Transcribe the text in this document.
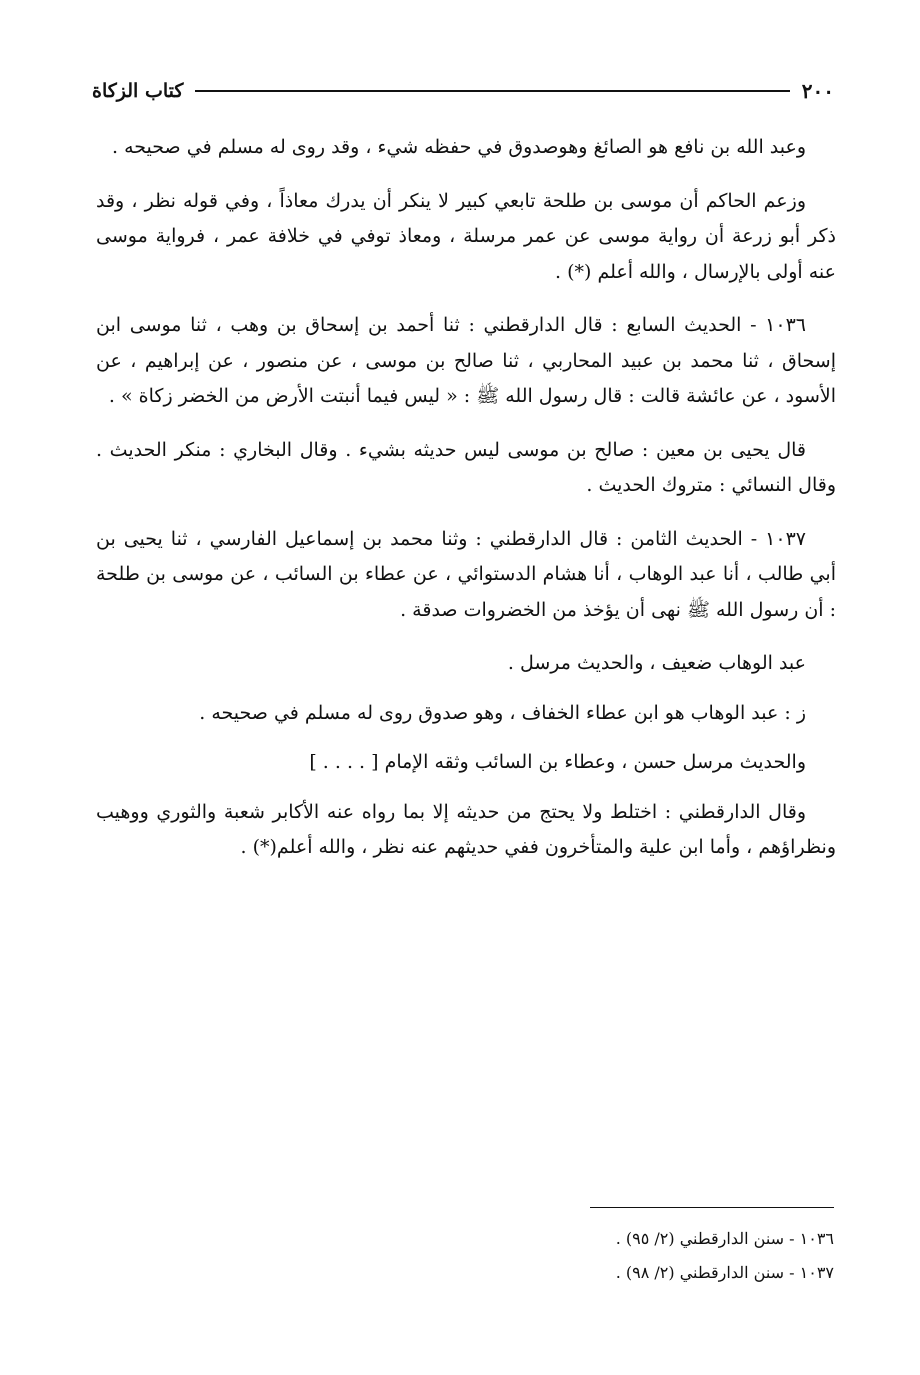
٢٠٠
كتاب الزكاة

وعبد الله بن نافع هو الصائغ وهوصدوق في حفظه شيء ، وقد روى له مسلم في صحيحه .

وزعم الحاكم أن موسى بن طلحة تابعي كبير لا ينكر أن يدرك معاذاً ، وفي قوله نظر ، وقد ذكر أبو زرعة أن رواية موسى عن عمر مرسلة ، ومعاذ توفي في خلافة عمر ، فرواية موسى عنه أولى بالإرسال ، والله أعلم (*) .

١٠٣٦ - الحديث السابع : قال الدارقطني : ثنا أحمد بن إسحاق بن وهب ، ثنا موسى ابن إسحاق ، ثنا محمد بن عبيد المحاربي ، ثنا صالح بن موسى ، عن منصور ، عن إبراهيم ، عن الأسود ، عن عائشة قالت : قال رسول الله ﷺ : « ليس فيما أنبتت الأرض من الخضر زكاة » .

قال يحيى بن معين : صالح بن موسى ليس حديثه بشيء . وقال البخاري : منكر الحديث . وقال النسائي : متروك الحديث .

١٠٣٧ - الحديث الثامن : قال الدارقطني : وثنا محمد بن إسماعيل الفارسي ، ثنا يحيى بن أبي طالب ، أنا عبد الوهاب ، أنا هشام الدستوائي ، عن عطاء بن السائب ، عن موسى بن طلحة : أن رسول الله ﷺ نهى أن يؤخذ من الخضروات صدقة .

عبد الوهاب ضعيف ، والحديث مرسل .

ز : عبد الوهاب هو ابن عطاء الخفاف ، وهو صدوق روى له مسلم في صحيحه .

والحديث مرسل حسن ، وعطاء بن السائب وثقه الإمام [ . . . . ]

وقال الدارقطني : اختلط ولا يحتج من حديثه إلا بما رواه عنه الأكابر شعبة والثوري ووهيب ونظراؤهم ، وأما ابن علية والمتأخرون ففي حديثهم عنه نظر ، والله أعلم(*) .

١٠٣٦ - سنن الدارقطني (٢/ ٩٥) .

١٠٣٧ - سنن الدارقطني (٢/ ٩٨) .
